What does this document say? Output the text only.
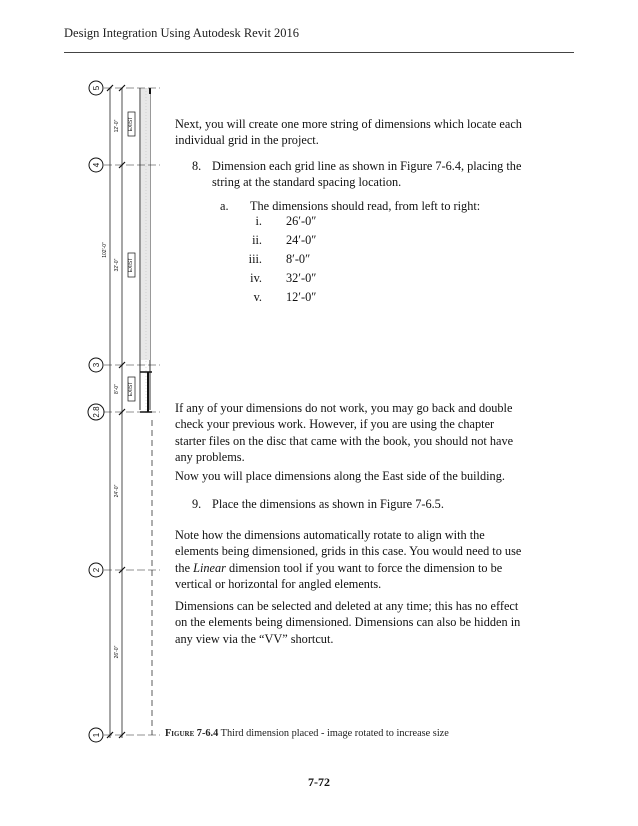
Design Integration Using Autodesk Revit 2016
5
4
3
2.8
2
1
12'-0"
32'-0"
8'-0"
24'-0"
26'-0"
102'-0"
EXIST
EXIST
EXIST

Next, you will create one more string of dimensions which locate each individual grid in the project.

8. Dimension each grid line as shown in Figure 7-6.4, placing the string at the standard spacing location.
a. The dimensions should read, from left to right:
i. 26′-0″
ii. 24′-0″
iii. 8′-0″
iv. 32′-0″
v. 12′-0″

If any of your dimensions do not work, you may go back and double check your previous work. However, if you are using the chapter starter files on the disc that came with the book, you should not have any problems.

Now you will place dimensions along the East side of the building.

9. Place the dimensions as shown in Figure 7-6.5.

Note how the dimensions automatically rotate to align with the elements being dimensioned, grids in this case. You would need to use the Linear dimension tool if you want to force the dimension to be vertical or horizontal for angled elements.

Dimensions can be selected and deleted at any time; this has no effect on the elements being dimensioned. Dimensions can also be hidden in any view via the “VV” shortcut.

Figure 7-6.4 Third dimension placed - image rotated to increase size
7-72
